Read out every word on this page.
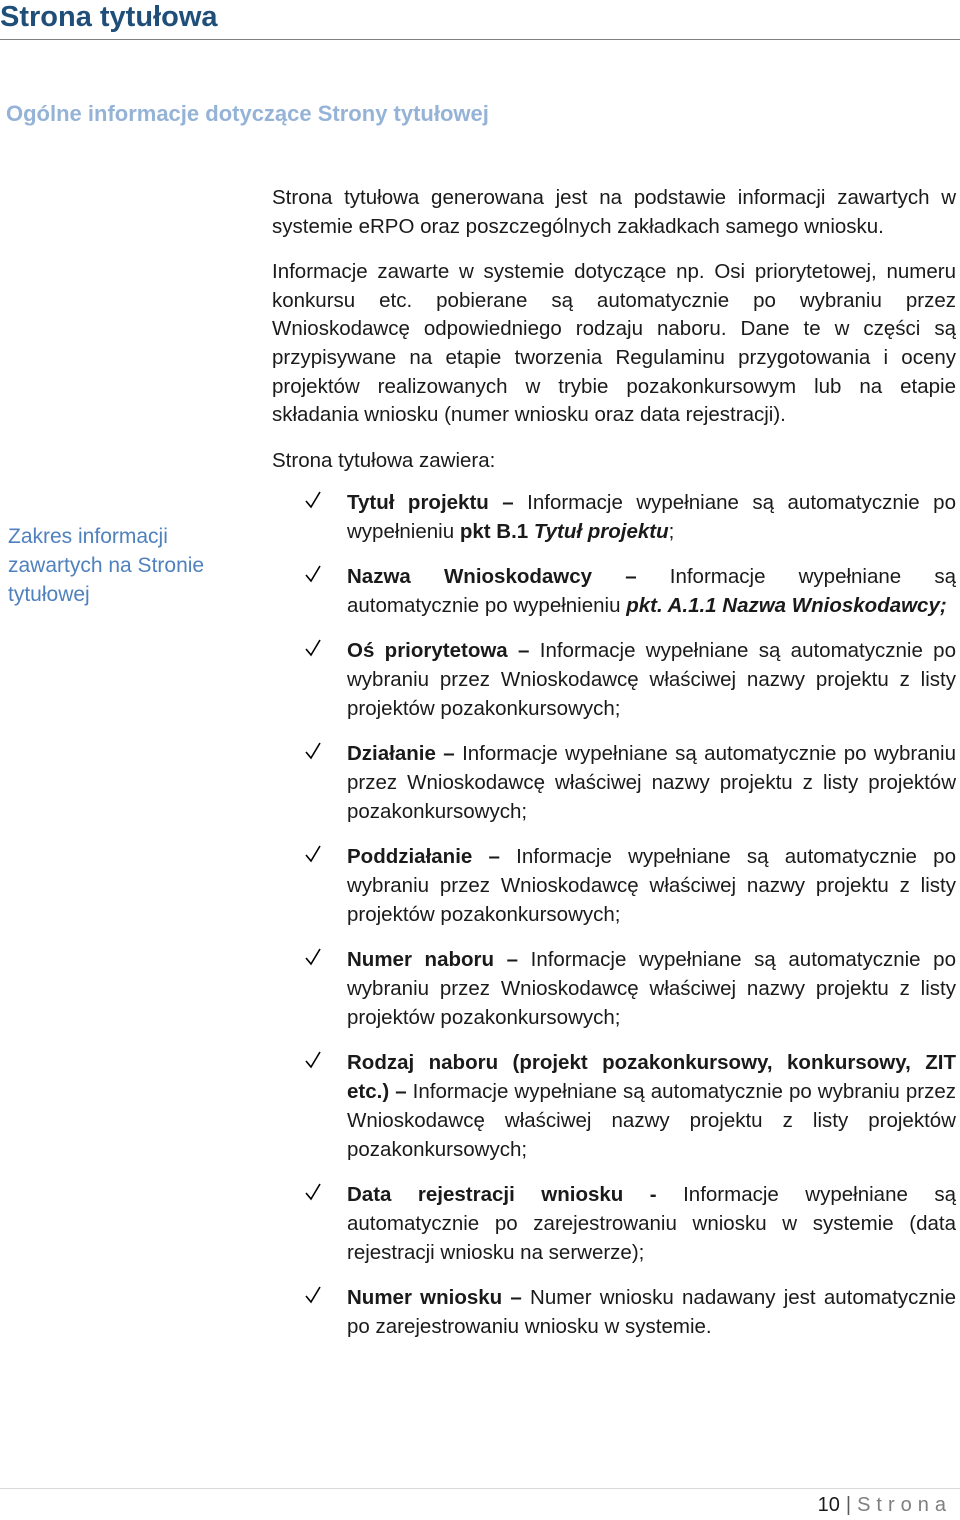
Strona tytułowa
Ogólne informacje dotyczące Strony tytułowej
Zakres informacji zawartych na Stronie tytułowej

Strona tytułowa generowana jest na podstawie informacji zawartych w systemie eRPO oraz poszczególnych zakładkach samego wniosku.

Informacje zawarte w systemie dotyczące np. Osi priorytetowej, numeru konkursu etc. pobierane są automatycznie po wybraniu przez Wnioskodawcę odpowiedniego rodzaju naboru. Dane te w części są przypisywane na etapie tworzenia Regulaminu przygotowania i oceny projektów realizowanych w trybie pozakonkursowym lub na etapie składania wniosku (numer wniosku oraz data rejestracji).

Strona tytułowa zawiera:

Tytuł projektu – Informacje wypełniane są automatycznie po wypełnieniu pkt B.1 Tytuł projektu;
Nazwa Wnioskodawcy – Informacje wypełniane są automatycznie po wypełnieniu pkt. A.1.1 Nazwa Wnioskodawcy;
Oś priorytetowa – Informacje wypełniane są automatycznie po wybraniu przez Wnioskodawcę właściwej nazwy projektu z listy projektów pozakonkursowych;
Działanie – Informacje wypełniane są automatycznie po wybraniu przez Wnioskodawcę właściwej nazwy projektu z listy projektów pozakonkursowych;
Poddziałanie – Informacje wypełniane są automatycznie po wybraniu przez Wnioskodawcę właściwej nazwy projektu z listy projektów pozakonkursowych;
Numer naboru – Informacje wypełniane są automatycznie po wybraniu przez Wnioskodawcę właściwej nazwy projektu z listy projektów pozakonkursowych;
Rodzaj naboru (projekt pozakonkursowy, konkursowy, ZIT etc.) – Informacje wypełniane są automatycznie po wybraniu przez Wnioskodawcę właściwej nazwy projektu z listy projektów pozakonkursowych;
Data rejestracji wniosku - Informacje wypełniane są automatycznie po zarejestrowaniu wniosku w systemie (data rejestracji wniosku na serwerze);
Numer wniosku – Numer wniosku nadawany jest automatycznie po zarejestrowaniu wniosku w systemie.
10 | Strona
